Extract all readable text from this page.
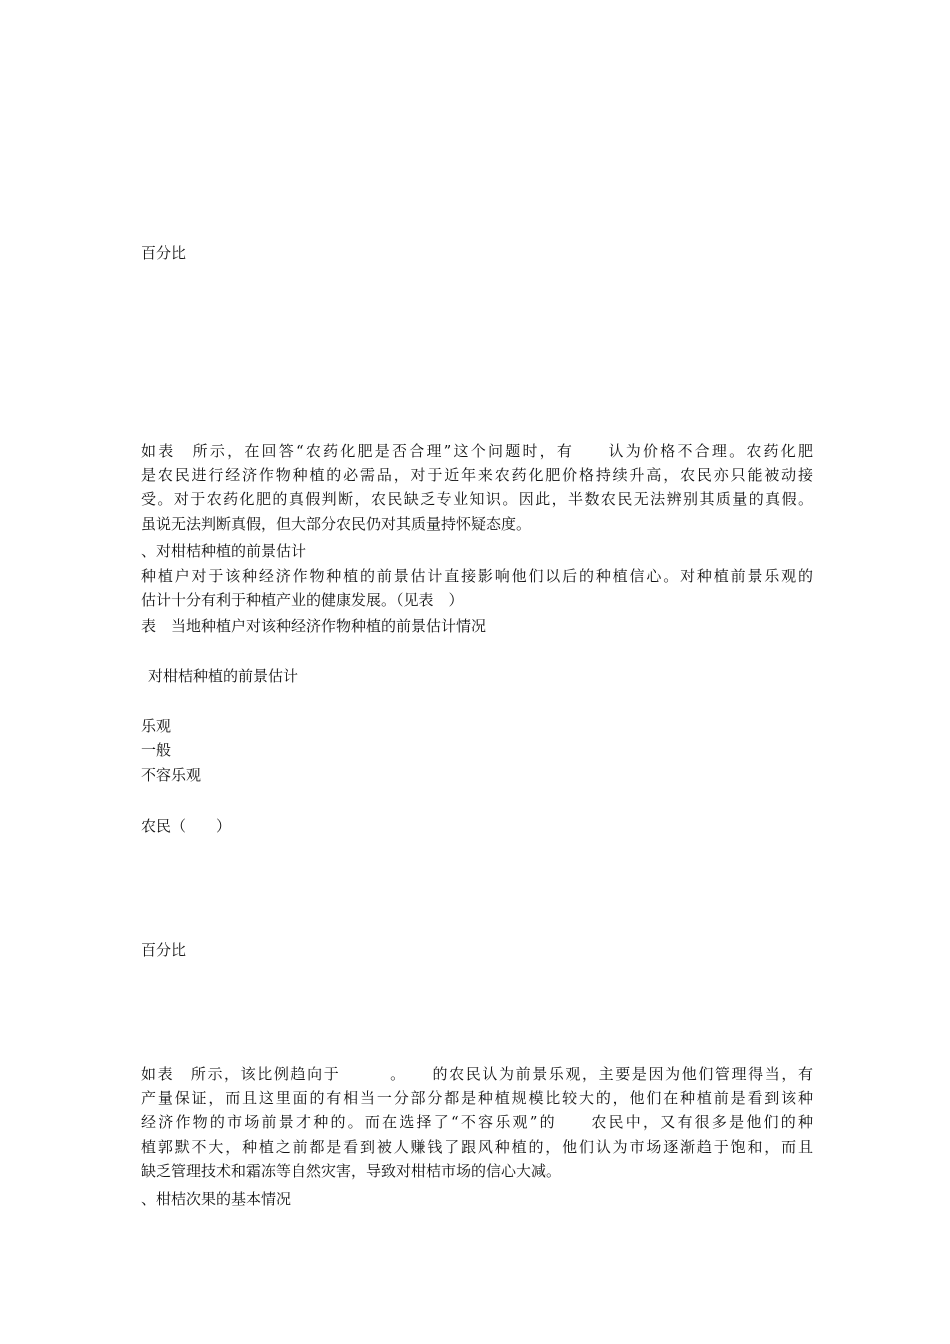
百分比

如表　所示，在回答“农药化肥是否合理”这个问题时，有　　认为价格不合理。农药化肥

是农民进行经济作物种植的必需品，对于近年来农药化肥价格持续升高，农民亦只能被动接

受。对于农药化肥的真假判断，农民缺乏专业知识。因此，半数农民无法辨别其质量的真假。

虽说无法判断真假，但大部分农民仍对其质量持怀疑态度。

、对柑桔种植的前景估计

种植户对于该种经济作物种植的前景估计直接影响他们以后的种植信心。对种植前景乐观的

估计十分有利于种植产业的健康发展。（见表　）

表　当地种植户对该种经济作物种植的前景估计情况
对柑桔种植的前景估计
乐观
一般
不容乐观
农民（　　）
百分比

如表　所示，该比例趋向于　　　。　　的农民认为前景乐观，主要是因为他们管理得当，有

产量保证，而且这里面的有相当一分部分都是种植规模比较大的，他们在种植前是看到该种

经济作物的市场前景才种的。而在选择了“不容乐观”的　　农民中，又有很多是他们的种

植郭默不大，种植之前都是看到被人赚钱了跟风种植的，他们认为市场逐渐趋于饱和，而且

缺乏管理技术和霜冻等自然灾害，导致对柑桔市场的信心大减。

、柑桔次果的基本情况
